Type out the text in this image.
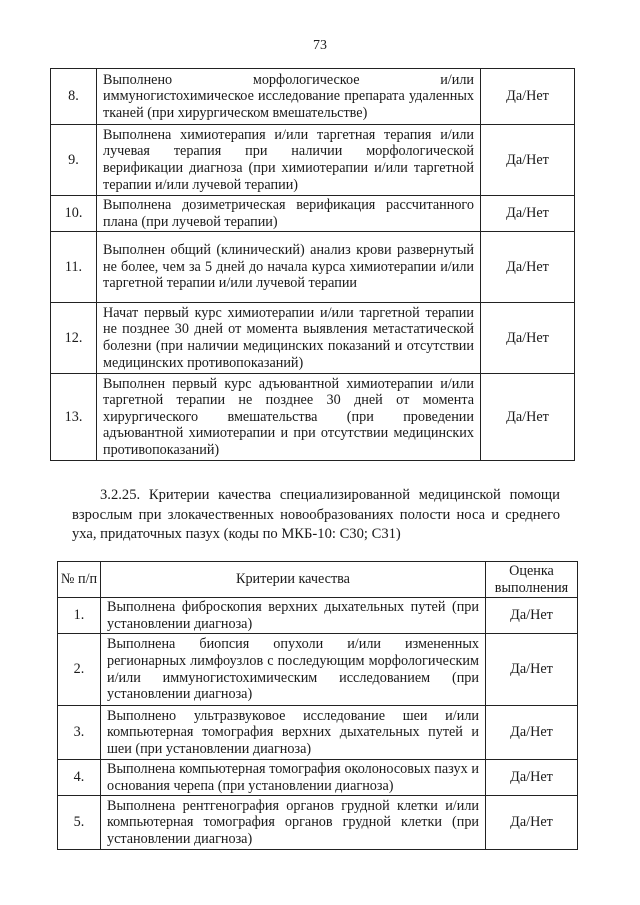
73
8.	Выполнено морфологическое и/или иммуногистохимическое исследование препарата удаленных тканей (при хирургическом вмешательстве)	Да/Нет
9.	Выполнена химиотерапия и/или таргетная терапия и/или лучевая терапия при наличии морфологической верификации диагноза (при химиотерапии и/или таргетной терапии и/или лучевой терапии)	Да/Нет
10.	Выполнена дозиметрическая верификация рассчитанного плана (при лучевой терапии)	Да/Нет
11.	Выполнен общий (клинический) анализ крови развернутый не более, чем за 5 дней до начала курса химиотерапии и/или таргетной терапии и/или лучевой терапии	Да/Нет
12.	Начат первый курс химиотерапии и/или таргетной терапии не позднее 30 дней от момента выявления метастатической болезни (при наличии медицинских показаний и отсутствии медицинских противопоказаний)	Да/Нет
13.	Выполнен первый курс адъювантной химиотерапии и/или таргетной терапии не позднее 30 дней от момента хирургического вмешательства (при проведении адъювантной химиотерапии и при отсутствии медицинских противопоказаний)	Да/Нет
3.2.25. Критерии качества специализированной медицинской помощи взрослым при злокачественных новообразованиях полости носа и среднего уха, придаточных пазух (коды по МКБ-10: C30; C31)
№ п/п	Критерии качества	Оценка выполнения
1.	Выполнена фиброскопия верхних дыхательных путей (при установлении диагноза)	Да/Нет
2.	Выполнена биопсия опухоли и/или измененных регионарных лимфоузлов с последующим морфологическим и/или иммуногистохимическим исследованием (при установлении диагноза)	Да/Нет
3.	Выполнено ультразвуковое исследование шеи и/или компьютерная томография верхних дыхательных путей и шеи (при установлении диагноза)	Да/Нет
4.	Выполнена компьютерная томография околоносовых пазух и основания черепа (при установлении диагноза)	Да/Нет
5.	Выполнена рентгенография органов грудной клетки и/или компьютерная томография органов грудной клетки (при установлении диагноза)	Да/Нет
